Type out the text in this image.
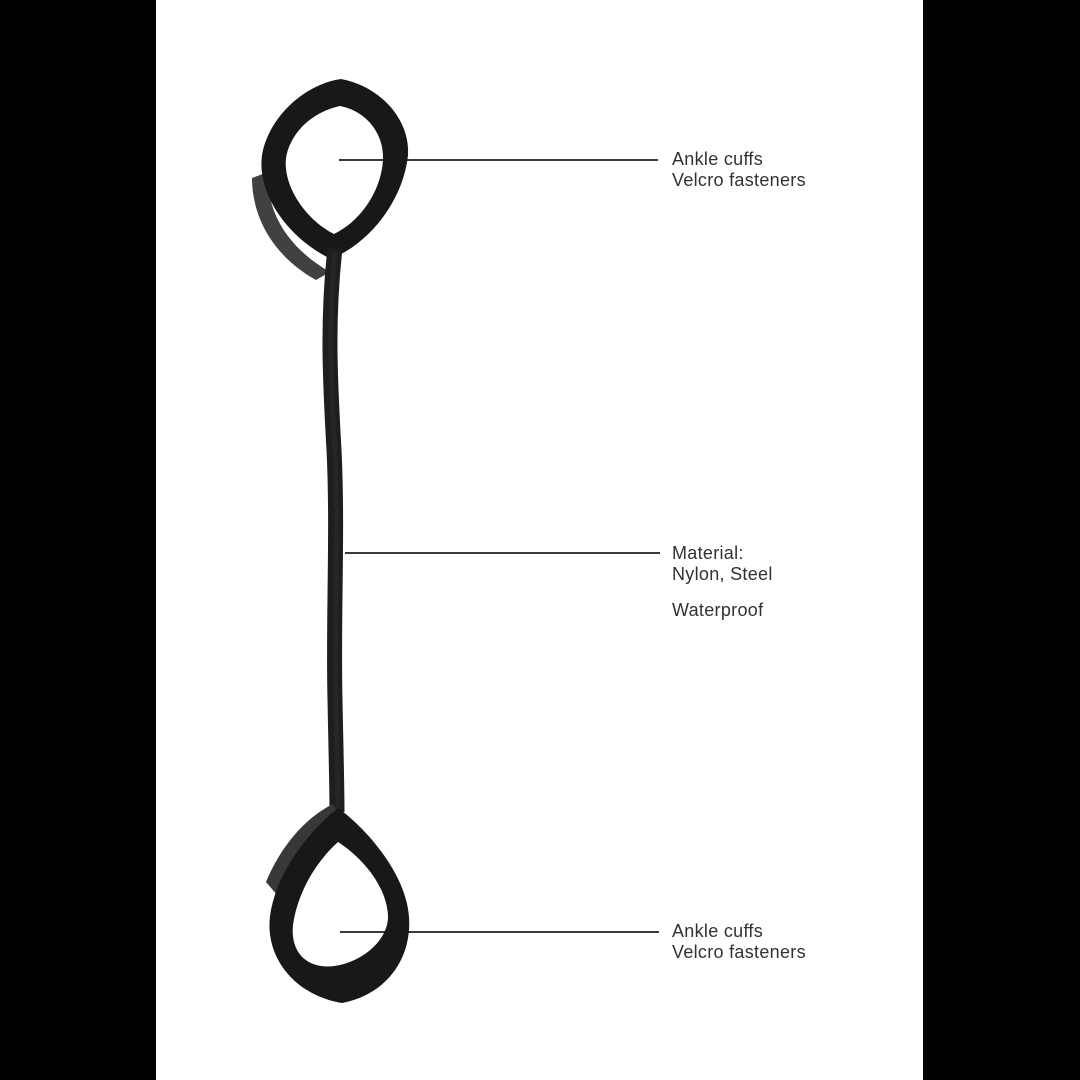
Ankle cuffs
Velcro fasteners
Material:
Nylon, Steel
Waterproof
Ankle cuffs
Velcro fasteners
